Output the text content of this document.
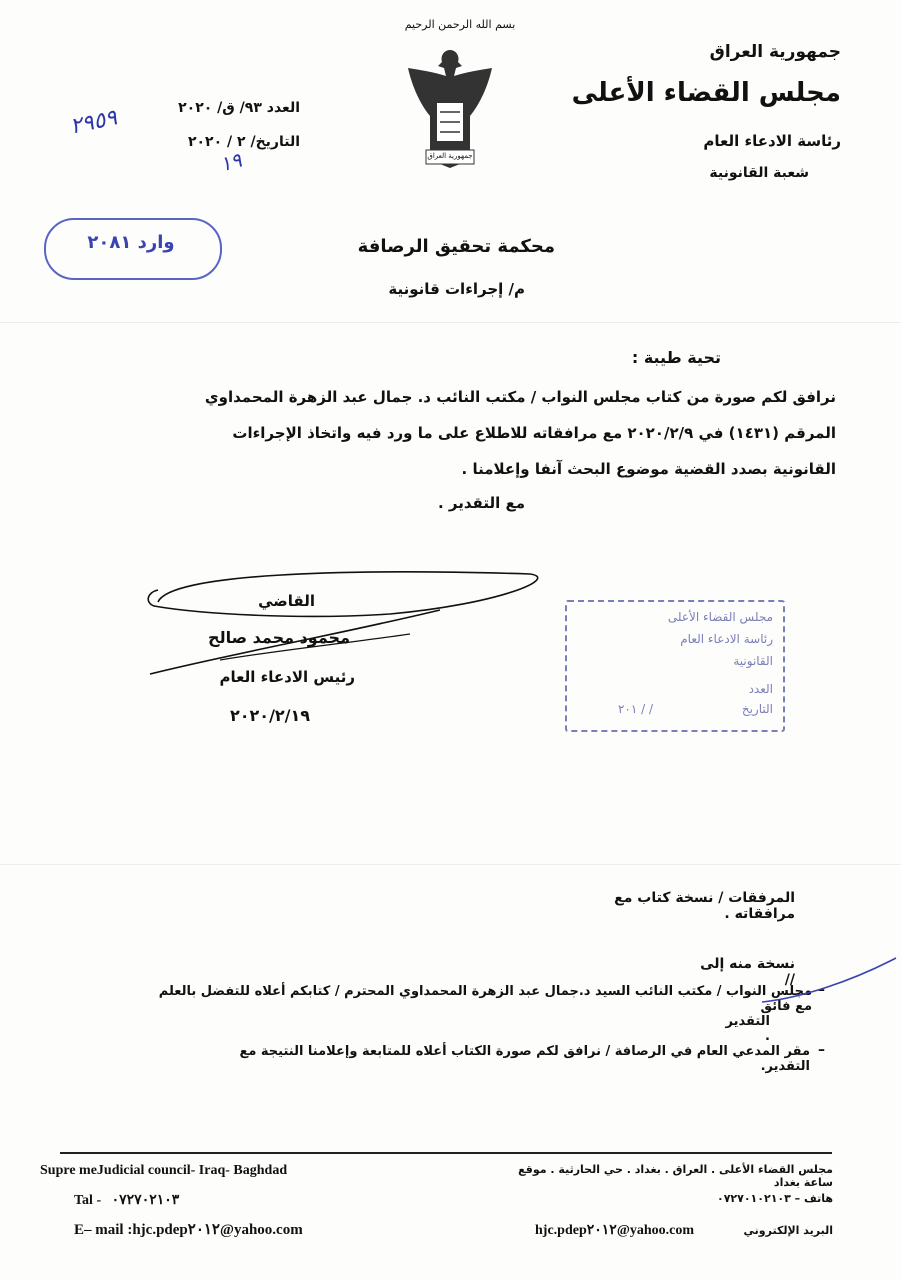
بسم الله الرحمن الرحيم
جمهورية العراق
جمهورية العراق
مجلس القضاء الأعلى
رئاسة الادعاء العام
شعبة القانونية
العدد ٩٣/ ق/ ٢٠٢٠
التاريخ/ ٢ / ٢٠٢٠
٢٩٥٩
١٩
وارد ٢٠٨١	محكمة تحقيق الرصافة
م/ إجراءات قانونية
تحية طيبة :
نرافق لكم صورة من كتاب مجلس النواب / مكتب النائب د. جمال عبد الزهرة المحمداوي
المرقم (١٤٣١) في ٢٠٢٠/٢/٩ مع مرافقاته للاطلاع على ما ورد فيه واتخاذ الإجراءات
القانونية بصدد القضية موضوع البحث آنفا وإعلامنا .
مع التقدير .
القاضي
محمود محمد صالح
رئيس الادعاء العام
٢٠٢٠/٢/١٩
مجلس القضاء الأعلى
رئاسة الادعاء العام
القانونية
العدد
التاريخ
٢٠١ / /
المرفقات / نسخة كتاب مع مرافقاته .
نسخة منه إلى //
–
مجلس النواب / مكتب النائب السيد د.جمال عبد الزهرة المحمداوي المحترم / كتابكم أعلاه للتفضل بالعلم مع فائق
التقدير .
–
مقر المدعي العام في الرصافة / نرافق لكم صورة الكتاب أعلاه للمتابعة وإعلامنا النتيجة مع التقدير.
Supre meJudicial council- Iraq- Baghdad
Tal -   ٠٧٢٧٠٢١٠٣
E– mail :hjc.pdep٢٠١٢@yahoo.com
مجلس القضاء الأعلى . العراق . بغداد . حي الحارثية . موقع ساعة بغداد
هاتف – ٠٧٢٧٠١٠٢١٠٣
hjc.pdep٢٠١٢@yahoo.com	البريد الإلكتروني
